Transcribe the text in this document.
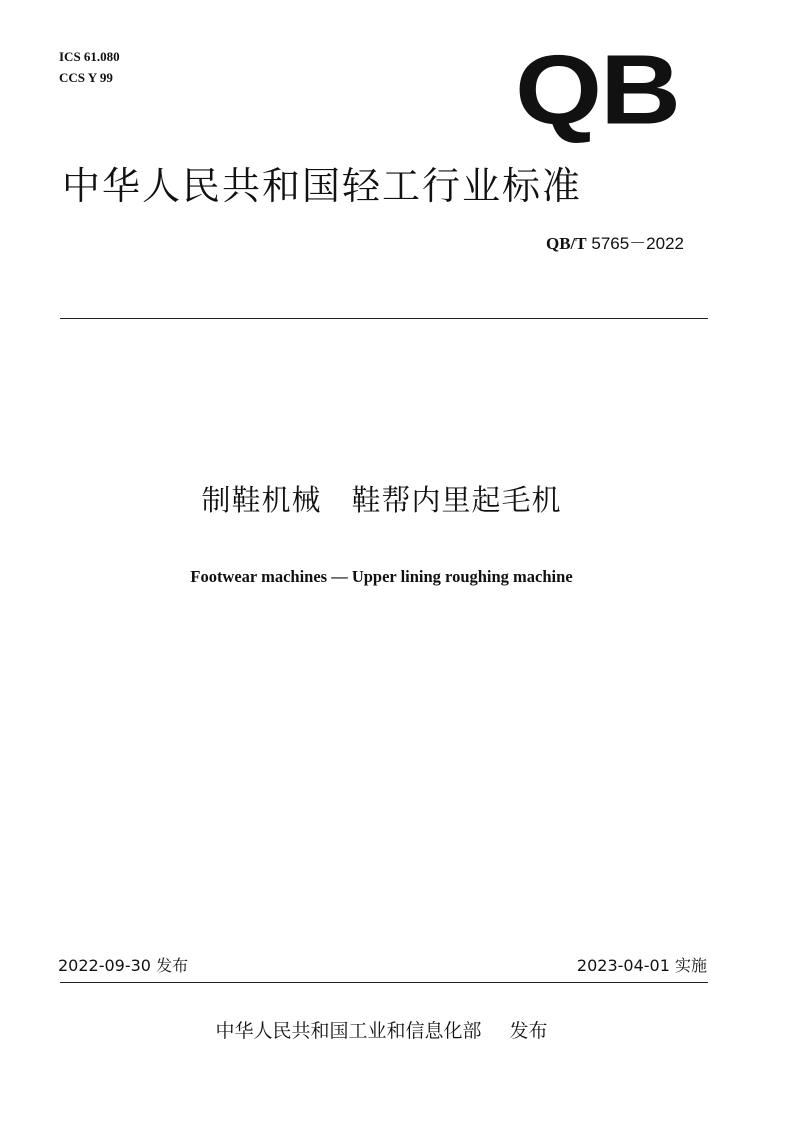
ICS 61.080
CCS Y 99	QB
中华人民共和国轻工行业标准
QB/T 5765－2022
制鞋机械　鞋帮内里起毛机
Footwear machines — Upper lining roughing machine
2022-09-30 发布	2023-04-01 实施
中华人民共和国工业和信息化部 发布
